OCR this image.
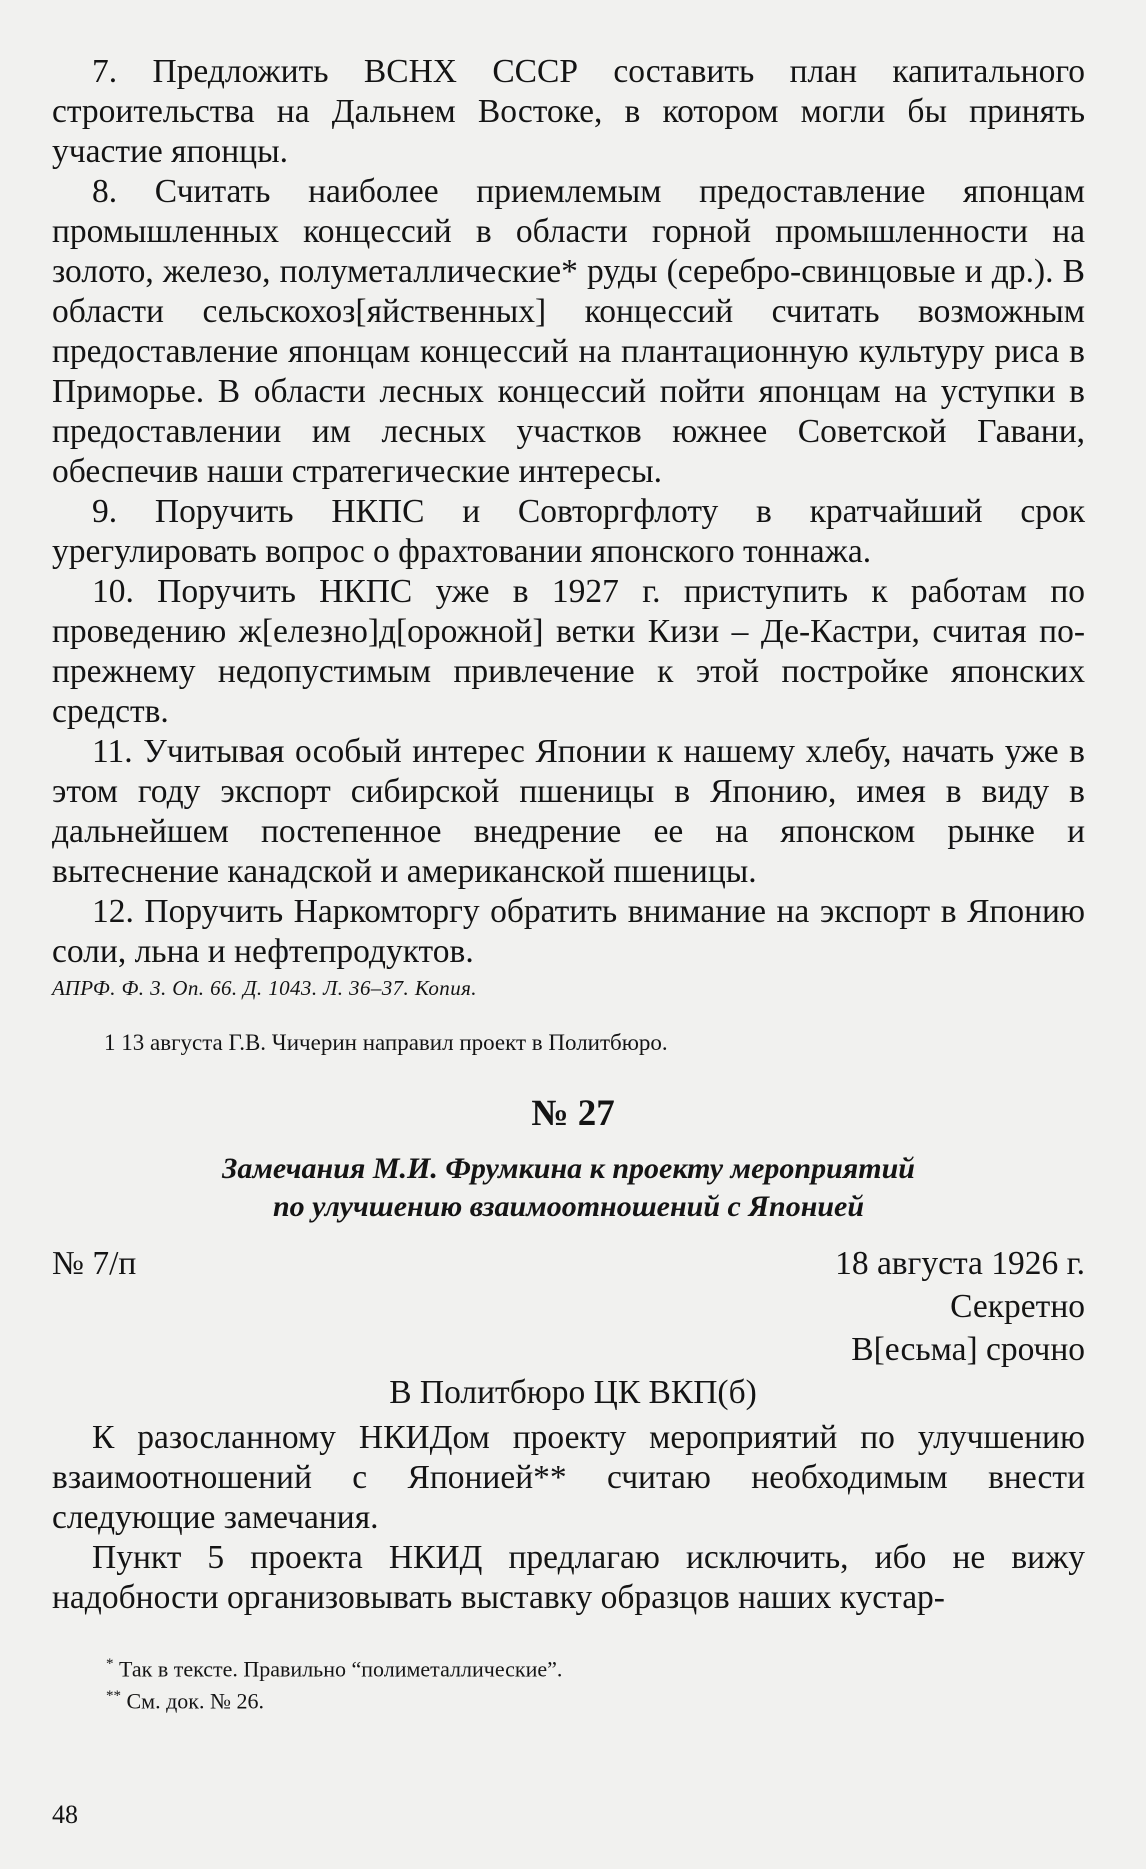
7. Предложить ВСНХ СССР составить план капитального строительства на Дальнем Востоке, в котором могли бы принять участие японцы.

8. Считать наиболее приемлемым предоставление японцам промышленных концессий в области горной промышленности на золото, железо, полуметаллические* руды (серебро-свинцовые и др.). В области сельскохоз[яйственных] концессий считать возможным предоставление японцам концессий на плантационную культуру риса в Приморье. В области лесных концессий пойти японцам на уступки в предоставлении им лесных участков южнее Советской Гавани, обеспечив наши стратегические интересы.

9. Поручить НКПС и Совторгфлоту в кратчайший срок урегулировать вопрос о фрахтовании японского тоннажа.

10. Поручить НКПС уже в 1927 г. приступить к работам по проведению ж[елезно]д[орожной] ветки Кизи – Де-Кастри, считая по-прежнему недопустимым привлечение к этой постройке японских средств.

11. Учитывая особый интерес Японии к нашему хлебу, начать уже в этом году экспорт сибирской пшеницы в Японию, имея в виду в дальнейшем постепенное внедрение ее на японском рынке и вытеснение канадской и американской пшеницы.

12. Поручить Наркомторгу обратить внимание на экспорт в Японию соли, льна и нефтепродуктов.

АПРФ. Ф. 3. Оп. 66. Д. 1043. Л. 36–37. Копия.

1 13 августа Г.В. Чичерин направил проект в Политбюро.

№ 27
Замечания М.И. Фрумкина к проекту мероприятий
по улучшению взаимоотношений с Японией
№ 7/п	18 августа 1926 г.
Секретно
В[есьма] срочно
В Политбюро ЦК ВКП(б)

К разосланному НКИДом проекту мероприятий по улучшению взаимоотношений с Японией** считаю необходимым внести следующие замечания.

Пункт 5 проекта НКИД предлагаю исключить, ибо не вижу надобности организовывать выставку образцов наших кустар-

* Так в тексте. Правильно “полиметаллические”.
** См. док. № 26.
48
